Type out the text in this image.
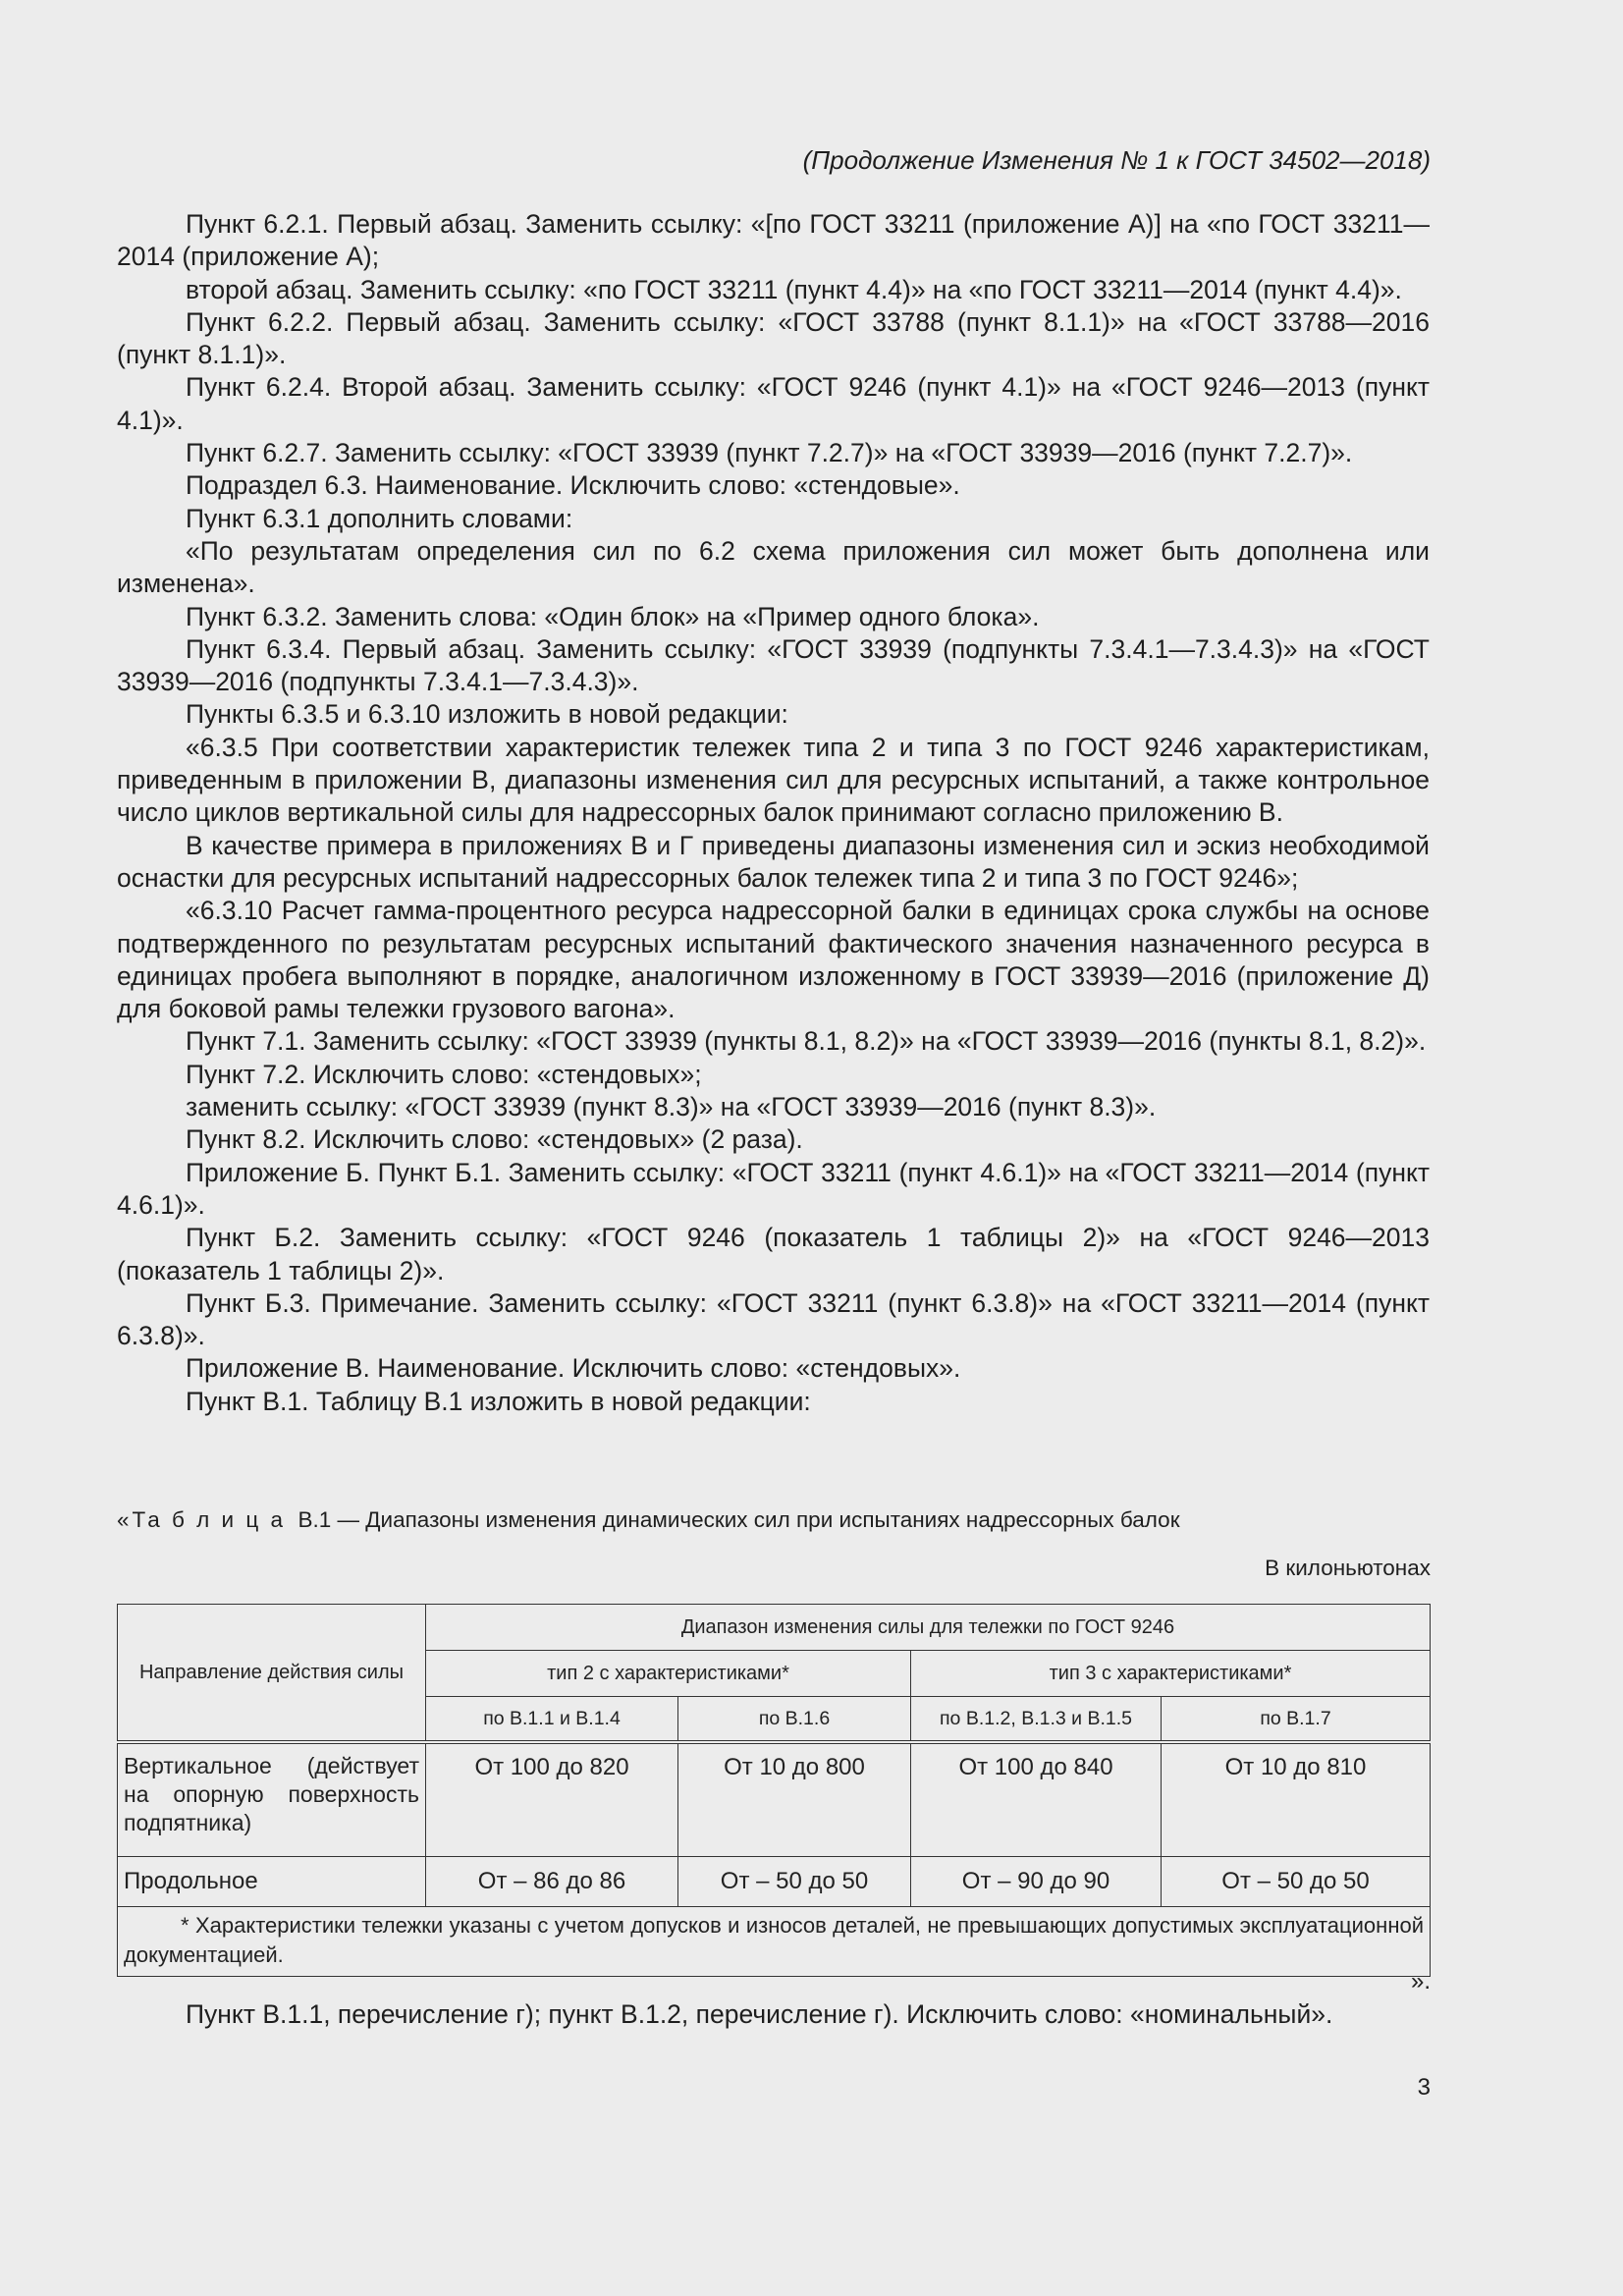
(Продолжение Изменения № 1 к ГОСТ 34502—2018)

Пункт 6.2.1. Первый абзац. Заменить ссылку: «[по ГОСТ 33211 (приложение А)] на «по ГОСТ 33211—2014 (приложение А);

второй абзац. Заменить ссылку: «по ГОСТ 33211 (пункт 4.4)» на «по ГОСТ 33211—2014 (пункт 4.4)».

Пункт 6.2.2. Первый абзац. Заменить ссылку: «ГОСТ 33788 (пункт 8.1.1)» на «ГОСТ 33788—2016 (пункт 8.1.1)».

Пункт 6.2.4. Второй абзац. Заменить ссылку: «ГОСТ 9246 (пункт 4.1)» на «ГОСТ 9246—2013 (пункт 4.1)».

Пункт 6.2.7. Заменить ссылку: «ГОСТ 33939 (пункт 7.2.7)» на «ГОСТ 33939—2016 (пункт 7.2.7)».

Подраздел 6.3. Наименование. Исключить слово: «стендовые».

Пункт 6.3.1 дополнить словами:

«По результатам определения сил по 6.2 схема приложения сил может быть дополнена или изменена».

Пункт 6.3.2. Заменить слова: «Один блок» на «Пример одного блока».

Пункт 6.3.4. Первый абзац. Заменить ссылку: «ГОСТ 33939 (подпункты 7.3.4.1—7.3.4.3)» на «ГОСТ 33939—2016 (подпункты 7.3.4.1—7.3.4.3)».

Пункты 6.3.5 и 6.3.10 изложить в новой редакции:

«6.3.5 При соответствии характеристик тележек типа 2 и типа 3 по ГОСТ 9246 характеристикам, приведенным в приложении В, диапазоны изменения сил для ресурсных испытаний, а также контрольное число циклов вертикальной силы для надрессорных балок принимают согласно приложению В.

В качестве примера в приложениях В и Г приведены диапазоны изменения сил и эскиз необходимой оснастки для ресурсных испытаний надрессорных балок тележек типа 2 и типа 3 по ГОСТ 9246»;

«6.3.10 Расчет гамма-процентного ресурса надрессорной балки в единицах срока службы на основе подтвержденного по результатам ресурсных испытаний фактического значения назначенного ресурса в единицах пробега выполняют в порядке, аналогичном изложенному в ГОСТ 33939—2016 (приложение Д) для боковой рамы тележки грузового вагона».

Пункт 7.1. Заменить ссылку: «ГОСТ 33939 (пункты 8.1, 8.2)» на «ГОСТ 33939—2016 (пункты 8.1, 8.2)».

Пункт 7.2. Исключить слово: «стендовых»;

заменить ссылку: «ГОСТ 33939 (пункт 8.3)» на «ГОСТ 33939—2016 (пункт 8.3)».

Пункт 8.2. Исключить слово: «стендовых» (2 раза).

Приложение Б. Пункт Б.1. Заменить ссылку: «ГОСТ 33211 (пункт 4.6.1)» на «ГОСТ 33211—2014 (пункт 4.6.1)».

Пункт Б.2. Заменить ссылку: «ГОСТ 9246 (показатель 1 таблицы 2)» на «ГОСТ 9246—2013 (показатель 1 таблицы 2)».

Пункт Б.3. Примечание. Заменить ссылку: «ГОСТ 33211 (пункт 6.3.8)» на «ГОСТ 33211—2014 (пункт 6.3.8)».

Приложение В. Наименование. Исключить слово: «стендовых».

Пункт В.1. Таблицу В.1 изложить в новой редакции:

«Та б л и ц а В.1 — Диапазоны изменения динамических сил при испытаниях надрессорных балок
В килоньютонах
Направление действия силы	Диапазон изменения силы для тележки по ГОСТ 9246			
	тип 2 с характеристиками*		тип 3 с характеристиками*	
	по В.1.1 и В.1.4	по В.1.6	по В.1.2, В.1.3 и В.1.5	по В.1.7
Вертикальное (действует на опорную поверхность подпятника)	От 100 до 820	От 10 до 800	От 100 до 840	От 10 до 810
Продольное	От – 86 до 86	От – 50 до 50	От – 90 до 90	От – 50 до 50
* Характеристики тележки указаны с учетом допусков и износов деталей, не превышающих допустимых эксплуатационной документацией.				
».
Пункт В.1.1, перечисление г); пункт В.1.2, перечисление г). Исключить слово: «номинальный».
3
